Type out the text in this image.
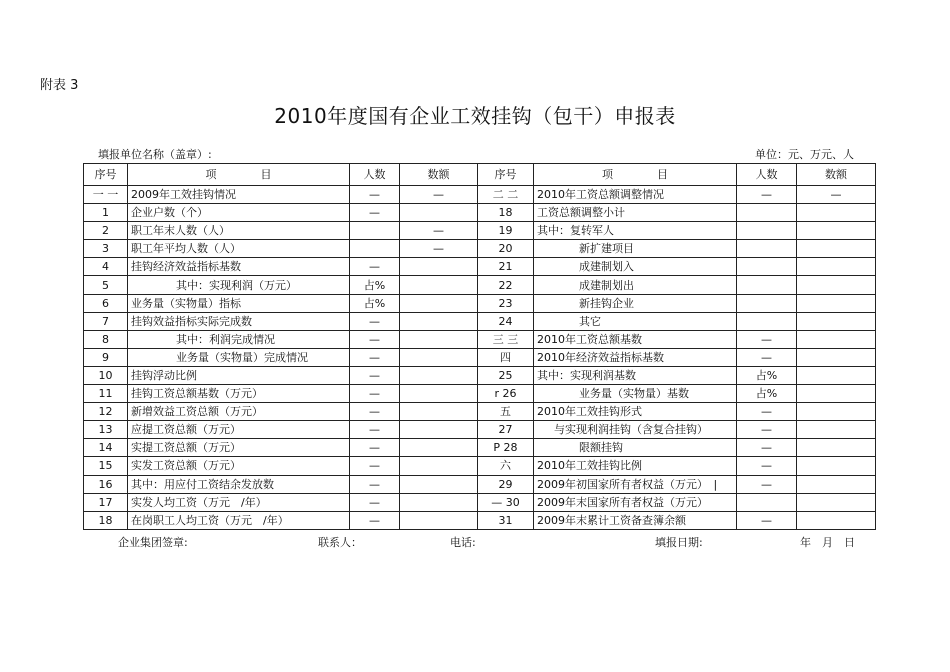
附表 3
2010年度国有企业工效挂钩（包干）申报表
填报单位名称（盖章）:	单位：元、万元、人
序号	项　　　　目	人数	数额	序号	项　　　　目	人数	数额
一 一	2009年工效挂钩情况	—	—	二 二	2010年工资总额调整情况	—	—
1	企业户数（个）	—		18	工资总额调整小计		
2	职工年末人数（人）		—	19	其中：复转军人		
3	职工年平均人数（人）		—	20	新扩建项目		
4	挂钩经济效益指标基数	—		21	成建制划入		
5	其中：实现利润（万元）	占%		22	成建制划出		
6	业务量（实物量）指标	占%		23	新挂钩企业		
7	挂钩效益指标实际完成数	—		24	其它		
8	其中：利润完成情况	—		三 三	2010年工资总额基数	—	
9	业务量（实物量）完成情况	—		四	2010年经济效益指标基数	—	
10	挂钩浮动比例	—		25	其中：实现利润基数	占%	
11	挂钩工资总额基数（万元）	—		r 26	业务量（实物量）基数	占%	
12	新增效益工资总额（万元）	—		五	2010年工效挂钩形式	—	
13	应提工资总额（万元）	—		27	与实现利润挂钩（含复合挂钩）	—	
14	实提工资总额（万元）	—		P 28	限额挂钩	—	
15	实发工资总额（万元）	—		六	2010年工效挂钩比例	—	
16	其中：用应付工资结余发放数	—		29	2009年初国家所有者权益（万元）　|	—	
17	实发人均工资（万元　/年）	—		— 30	2009年末国家所有者权益（万元）		
18	在岗职工人均工资（万元　/年）	—		31	2009年末累计工资备查簿余额	—	
企业集团签章:	联系人：	电话:	填报日期:	年　月　日
